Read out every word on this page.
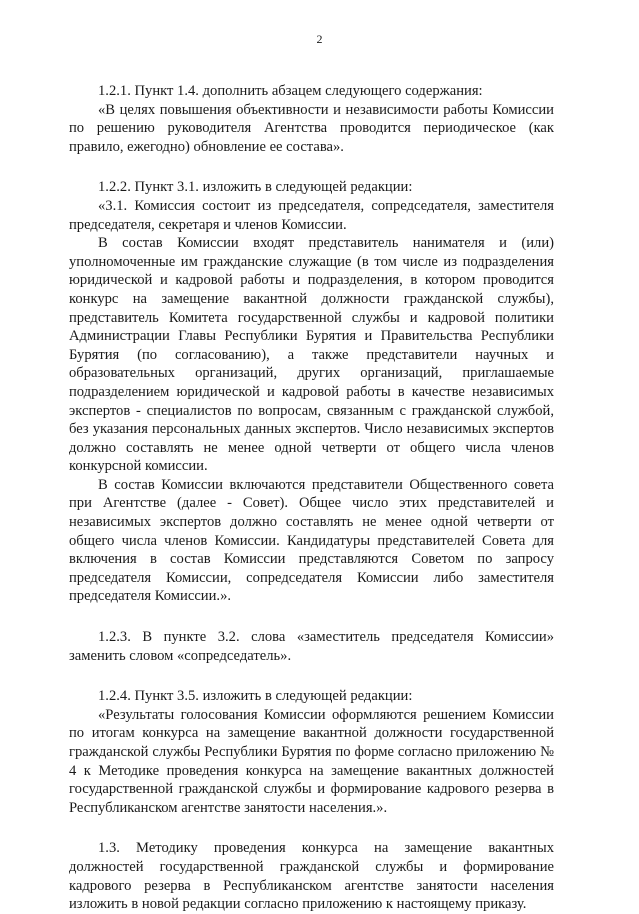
2

1.2.1. Пункт 1.4. дополнить абзацем следующего содержания:

«В целях повышения объективности и независимости работы Комиссии по решению руководителя Агентства проводится периодическое (как правило, ежегодно) обновление ее состава».

1.2.2. Пункт 3.1. изложить в следующей редакции:

«3.1. Комиссия состоит из председателя, сопредседателя, заместителя председателя, секретаря и членов Комиссии.

В состав Комиссии входят представитель нанимателя и (или) уполномоченные им гражданские служащие (в том числе из подразделения юридической и кадровой работы и подразделения, в котором проводится конкурс на замещение вакантной должности гражданской службы), представитель Комитета государственной службы и кадровой политики Администрации Главы Республики Бурятия и Правительства Республики Бурятия (по согласованию), а также представители научных и образовательных организаций, других организаций, приглашаемые подразделением юридической и кадровой работы в качестве независимых экспертов - специалистов по вопросам, связанным с гражданской службой, без указания персональных данных экспертов. Число независимых экспертов должно составлять не менее одной четверти от общего числа членов конкурсной комиссии.

В состав Комиссии включаются представители Общественного совета при Агентстве (далее - Совет). Общее число этих представителей и независимых экспертов должно составлять не менее одной четверти от общего числа членов Комиссии. Кандидатуры представителей Совета для включения в состав Комиссии представляются Советом по запросу председателя Комиссии, сопредседателя Комиссии либо заместителя председателя Комиссии.».

1.2.3. В пункте 3.2. слова «заместитель председателя Комиссии» заменить словом «сопредседатель».

1.2.4. Пункт 3.5. изложить в следующей редакции:

«Результаты голосования Комиссии оформляются решением Комиссии по итогам конкурса на замещение вакантной должности государственной гражданской службы Республики Бурятия по форме согласно приложению № 4 к Методике проведения конкурса на замещение вакантных должностей государственной гражданской службы и формирование кадрового резерва в Республиканском агентстве занятости населения.».

1.3. Методику проведения конкурса на замещение вакантных должностей государственной гражданской службы и формирование кадрового резерва в Республиканском агентстве занятости населения изложить в новой редакции согласно приложению к настоящему приказу.
